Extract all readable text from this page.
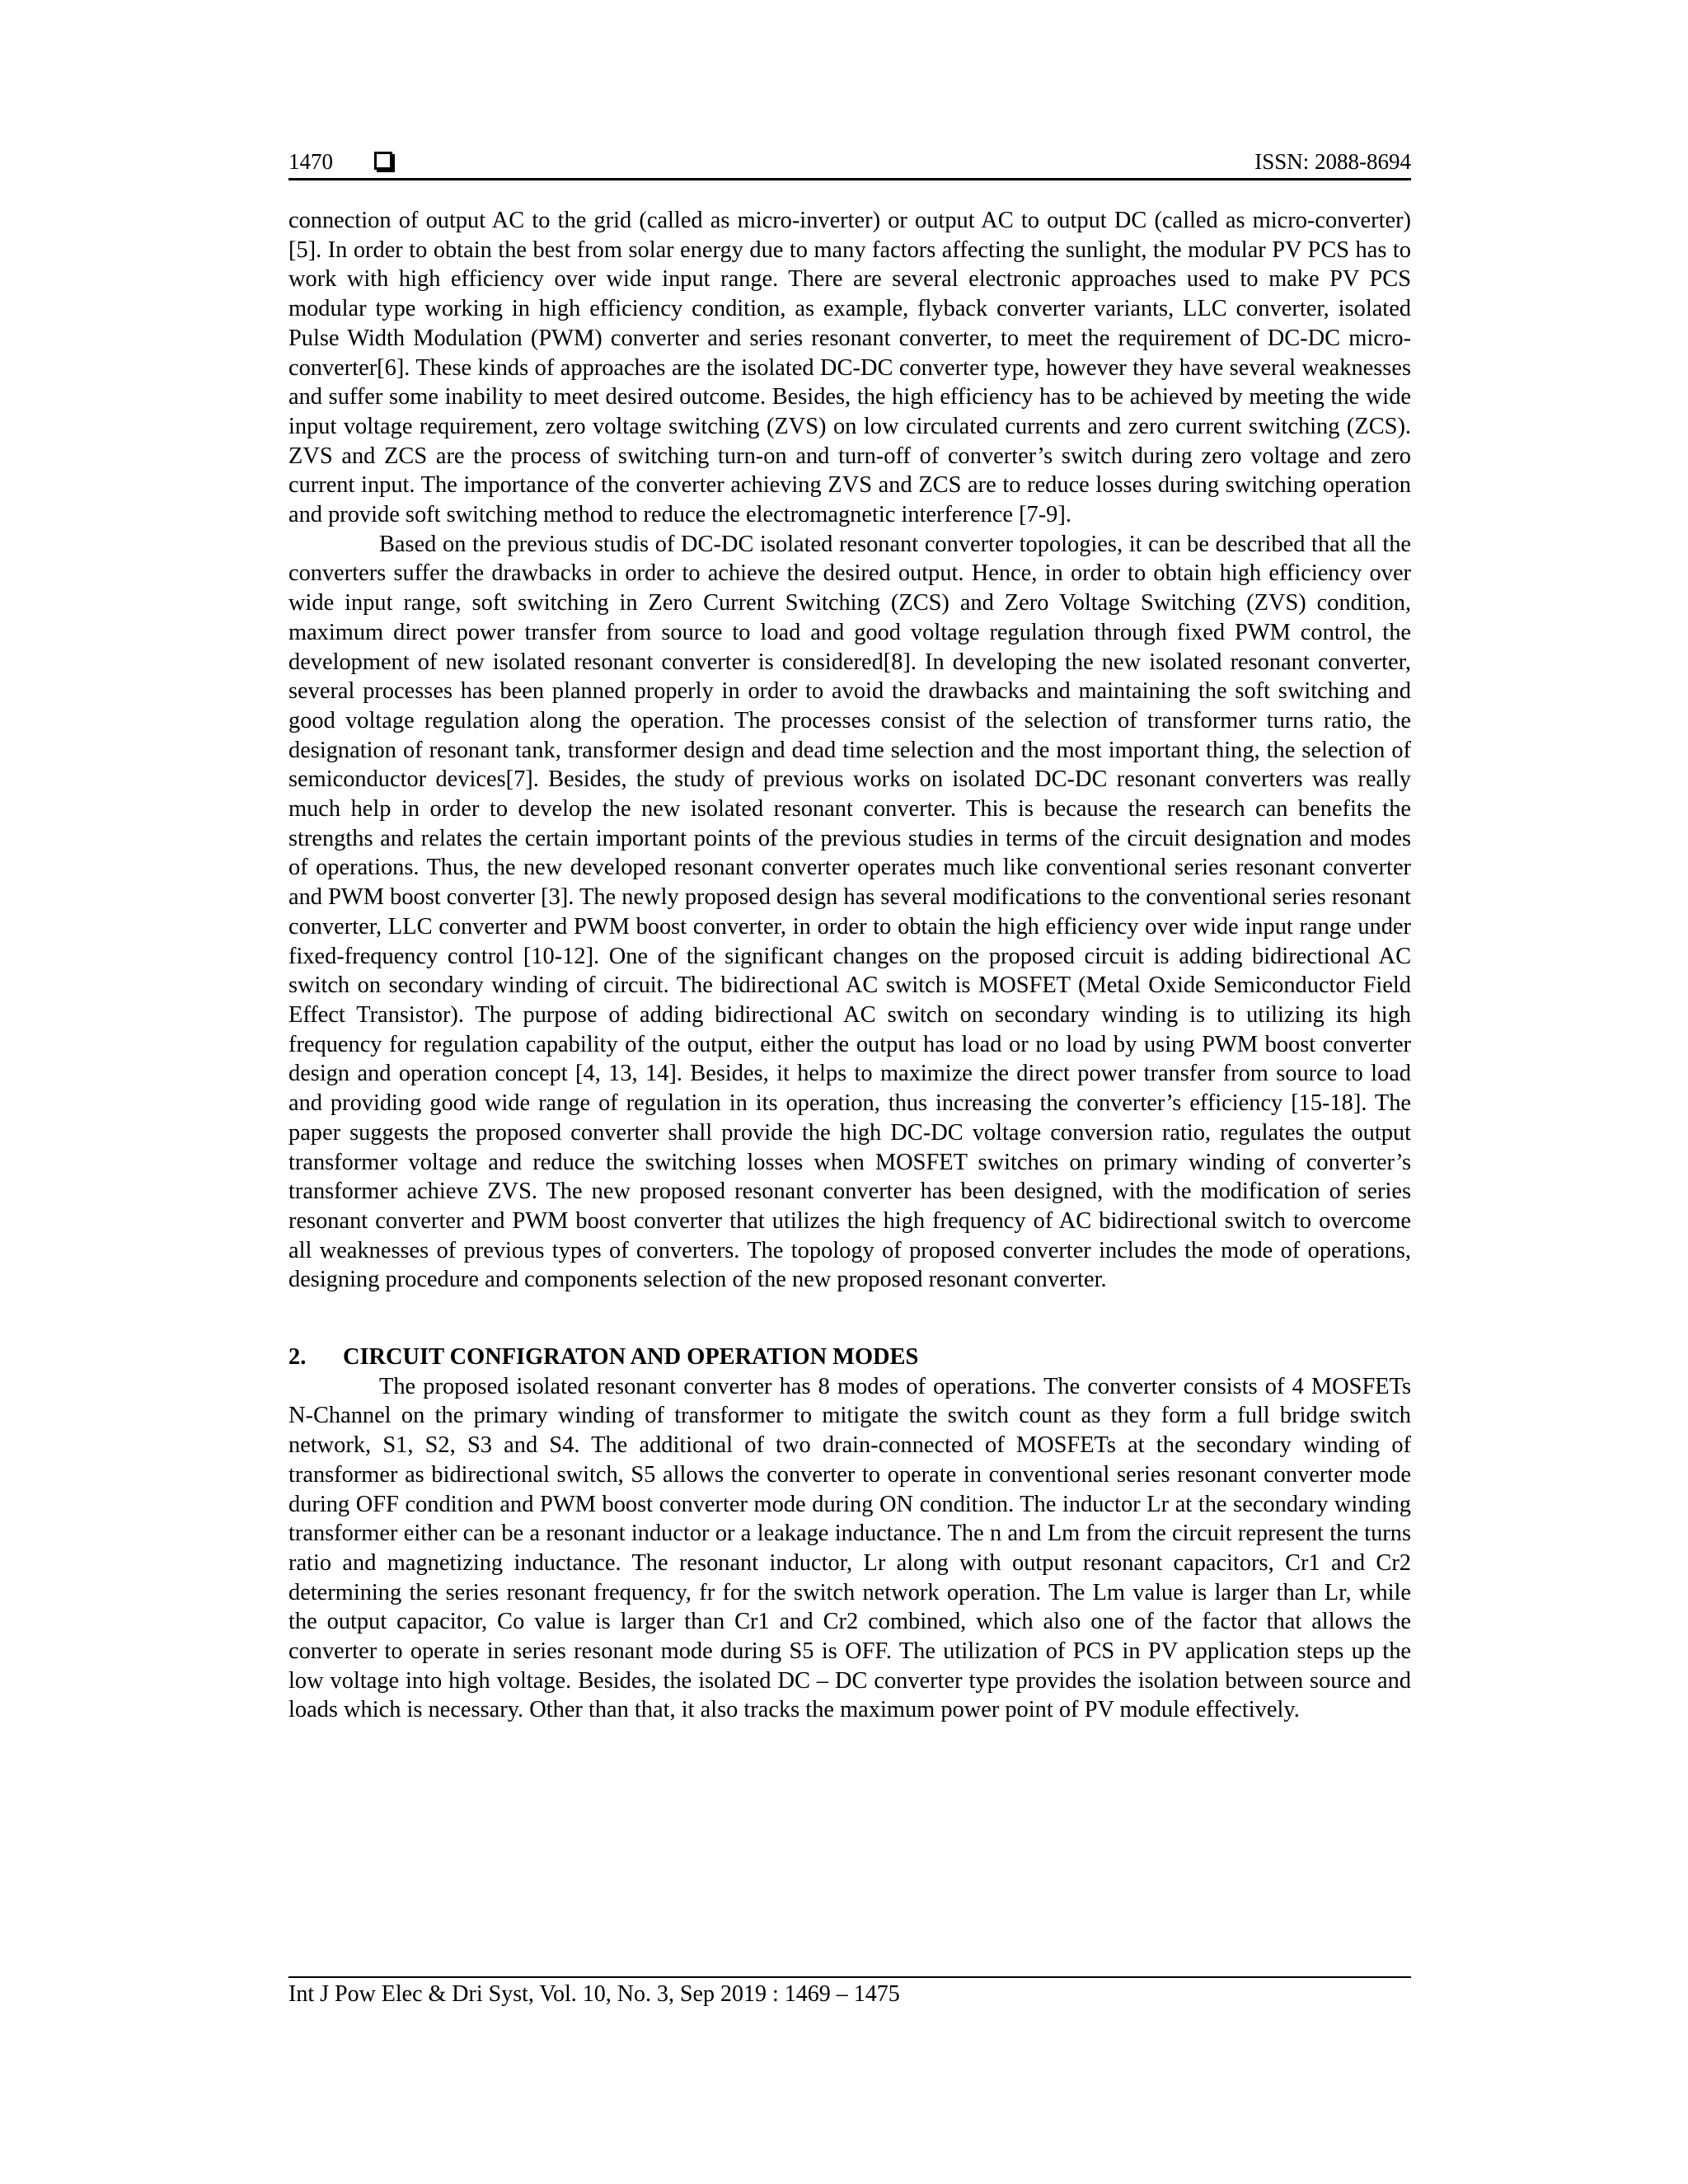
1470	ISSN: 2088-8694

connection of output AC to the grid (called as micro-inverter) or output AC to output DC (called as micro-converter)[5]. In order to obtain the best from solar energy due to many factors affecting the sunlight, the modular PV PCS has to work with high efficiency over wide input range. There are several electronic approaches used to make PV PCS modular type working in high efficiency condition, as example, flyback converter variants, LLC converter, isolated Pulse Width Modulation (PWM) converter and series resonant converter, to meet the requirement of DC-DC micro-converter[6]. These kinds of approaches are the isolated DC-DC converter type, however they have several weaknesses and suffer some inability to meet desired outcome. Besides, the high efficiency has to be achieved by meeting the wide input voltage requirement, zero voltage switching (ZVS) on low circulated currents and zero current switching (ZCS). ZVS and ZCS are the process of switching turn-on and turn-off of converter’s switch during zero voltage and zero current input. The importance of the converter achieving ZVS and ZCS are to reduce losses during switching operation and provide soft switching method to reduce the electromagnetic interference [7-9].

Based on the previous studis of DC-DC isolated resonant converter topologies, it can be described that all the converters suffer the drawbacks in order to achieve the desired output. Hence, in order to obtain high efficiency over wide input range, soft switching in Zero Current Switching (ZCS) and Zero Voltage Switching (ZVS) condition, maximum direct power transfer from source to load and good voltage regulation through fixed PWM control, the development of new isolated resonant converter is considered[8]. In developing the new isolated resonant converter, several processes has been planned properly in order to avoid the drawbacks and maintaining the soft switching and good voltage regulation along the operation. The processes consist of the selection of transformer turns ratio, the designation of resonant tank, transformer design and dead time selection and the most important thing, the selection of semiconductor devices[7]. Besides, the study of previous works on isolated DC-DC resonant converters was really much help in order to develop the new isolated resonant converter. This is because the research can benefits the strengths and relates the certain important points of the previous studies in terms of the circuit designation and modes of operations. Thus, the new developed resonant converter operates much like conventional series resonant converter and PWM boost converter [3]. The newly proposed design has several modifications to the conventional series resonant converter, LLC converter and PWM boost converter, in order to obtain the high efficiency over wide input range under fixed-frequency control [10-12]. One of the significant changes on the proposed circuit is adding bidirectional AC switch on secondary winding of circuit. The bidirectional AC switch is MOSFET (Metal Oxide Semiconductor Field Effect Transistor). The purpose of adding bidirectional AC switch on secondary winding is to utilizing its high frequency for regulation capability of the output, either the output has load or no load by using PWM boost converter design and operation concept [4, 13, 14]. Besides, it helps to maximize the direct power transfer from source to load and providing good wide range of regulation in its operation, thus increasing the converter’s efficiency [15-18]. The paper suggests the proposed converter shall provide the high DC-DC voltage conversion ratio, regulates the output transformer voltage and reduce the switching losses when MOSFET switches on primary winding of converter’s transformer achieve ZVS. The new proposed resonant converter has been designed, with the modification of series resonant converter and PWM boost converter that utilizes the high frequency of AC bidirectional switch to overcome all weaknesses of previous types of converters. The topology of proposed converter includes the mode of operations, designing procedure and components selection of the new proposed resonant converter.

2. CIRCUIT CONFIGRATON AND OPERATION MODES

The proposed isolated resonant converter has 8 modes of operations. The converter consists of 4 MOSFETs N-Channel on the primary winding of transformer to mitigate the switch count as they form a full bridge switch network, S1, S2, S3 and S4. The additional of two drain-connected of MOSFETs at the secondary winding of transformer as bidirectional switch, S5 allows the converter to operate in conventional series resonant converter mode during OFF condition and PWM boost converter mode during ON condition. The inductor Lr at the secondary winding transformer either can be a resonant inductor or a leakage inductance. The n and Lm from the circuit represent the turns ratio and magnetizing inductance. The resonant inductor, Lr along with output resonant capacitors, Cr1 and Cr2 determining the series resonant frequency, fr for the switch network operation. The Lm value is larger than Lr, while the output capacitor, Co value is larger than Cr1 and Cr2 combined, which also one of the factor that allows the converter to operate in series resonant mode during S5 is OFF. The utilization of PCS in PV application steps up the low voltage into high voltage. Besides, the isolated DC – DC converter type provides the isolation between source and loads which is necessary. Other than that, it also tracks the maximum power point of PV module effectively.

Int J Pow Elec & Dri Syst, Vol. 10, No. 3, Sep 2019 : 1469 – 1475
